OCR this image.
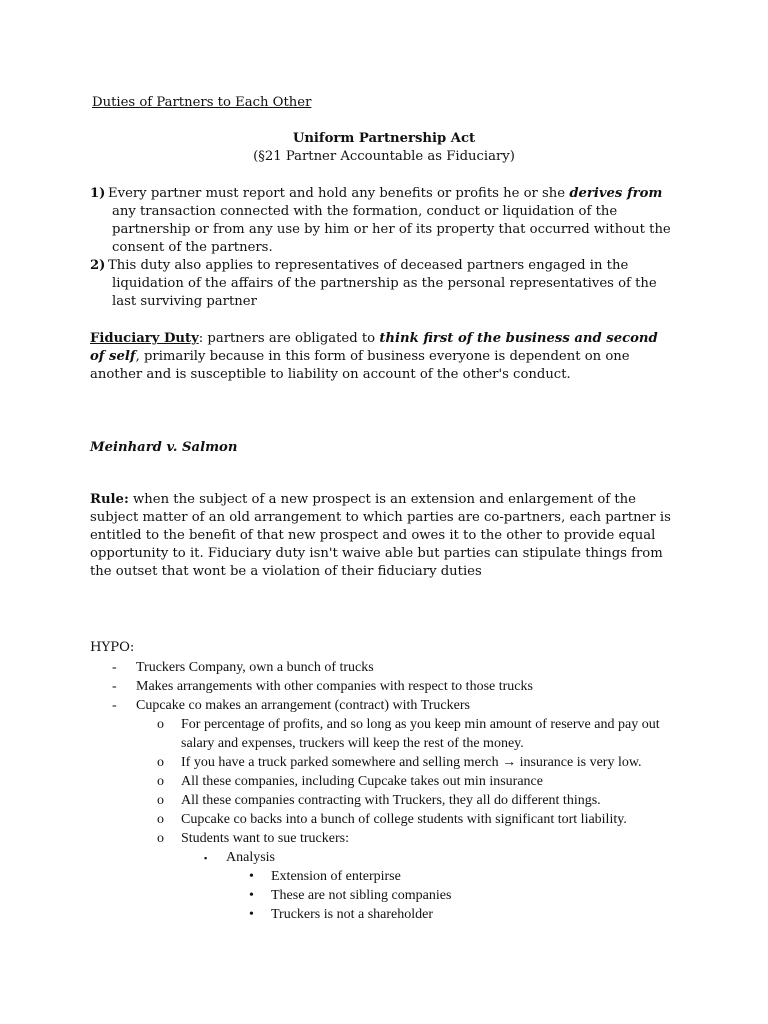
Duties of Partners to Each Other
Uniform Partnership Act
(§21 Partner Accountable as Fiduciary)
1) Every partner must report and hold any benefits or profits he or she derives from any transaction connected with the formation, conduct or liquidation of the partnership or from any use by him or her of its property that occurred without the consent of the partners.
2) This duty also applies to representatives of deceased partners engaged in the liquidation of the affairs of the partnership as the personal representatives of the last surviving partner
Fiduciary Duty: partners are obligated to think first of the business and second of self, primarily because in this form of business everyone is dependent on one another and is susceptible to liability on account of the other's conduct.
Meinhard v. Salmon
Rule: when the subject of a new prospect is an extension and enlargement of the subject matter of an old arrangement to which parties are co-partners, each partner is entitled to the benefit of that new prospect and owes it to the other to provide equal opportunity to it. Fiduciary duty isn't waive able but parties can stipulate things from the outset that wont be a violation of their fiduciary duties
HYPO:
- Truckers Company, own a bunch of trucks
- Makes arrangements with other companies with respect to those trucks
- Cupcake co makes an arrangement (contract) with Truckers
o For percentage of profits, and so long as you keep min amount of reserve and pay out salary and expenses, truckers will keep the rest of the money.
o If you have a truck parked somewhere and selling merch → insurance is very low.
o All these companies, including Cupcake takes out min insurance
o All these companies contracting with Truckers, they all do different things.
o Cupcake co backs into a bunch of college students with significant tort liability.
o Students want to sue truckers:
▪ Analysis
• Extension of enterpirse
• These are not sibling companies
• Truckers is not a shareholder
